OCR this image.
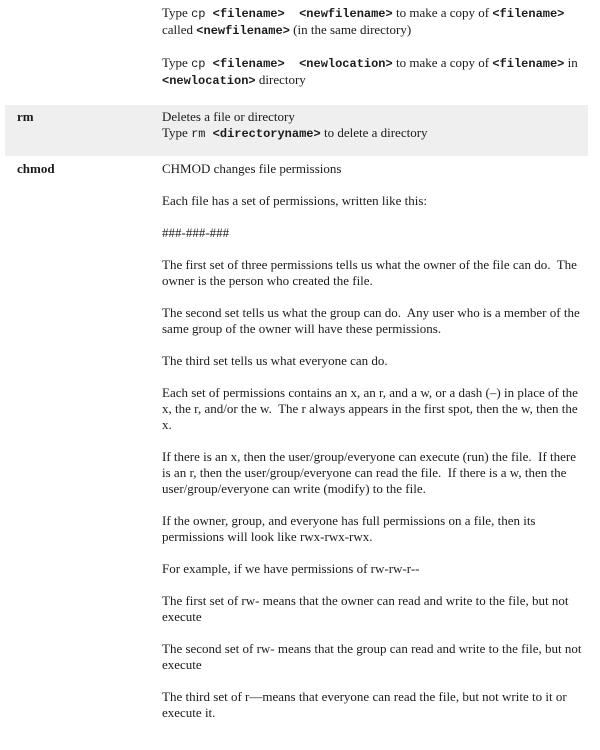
	Type cp <filename> <newfilename> to make a copy of <filename> called <newfilename> (in the same directory)
Type cp <filename> <newlocation> to make a copy of <filename> in <newlocation> directory

rm	Deletes a file or directory
Type rm <directoryname> to delete a directory

chmod	CHMOD changes file permissions
Each file has a set of permissions, written like this:
###-###-###
The first set of three permissions tells us what the owner of the file can do.  The owner is the person who created the file.
The second set tells us what the group can do.  Any user who is a member of the same group of the owner will have these permissions.
The third set tells us what everyone can do.
Each set of permissions contains an x, an r, and a w, or a dash (–) in place of the x, the r, and/or the w.  The r always appears in the first spot, then the w, then the x.
If there is an x, then the user/group/everyone can execute (run) the file.  If there is an r, then the user/group/everyone can read the file.  If there is a w, then the user/group/everyone can write (modify) to the file.
If the owner, group, and everyone has full permissions on a file, then its permissions will look like rwx-rwx-rwx.
For example, if we have permissions of rw-rw-r--
The first set of rw- means that the owner can read and write to the file, but not execute
The second set of rw- means that the group can read and write to the file, but not execute
The third set of r—means that everyone can read the file, but not write to it or execute it.
